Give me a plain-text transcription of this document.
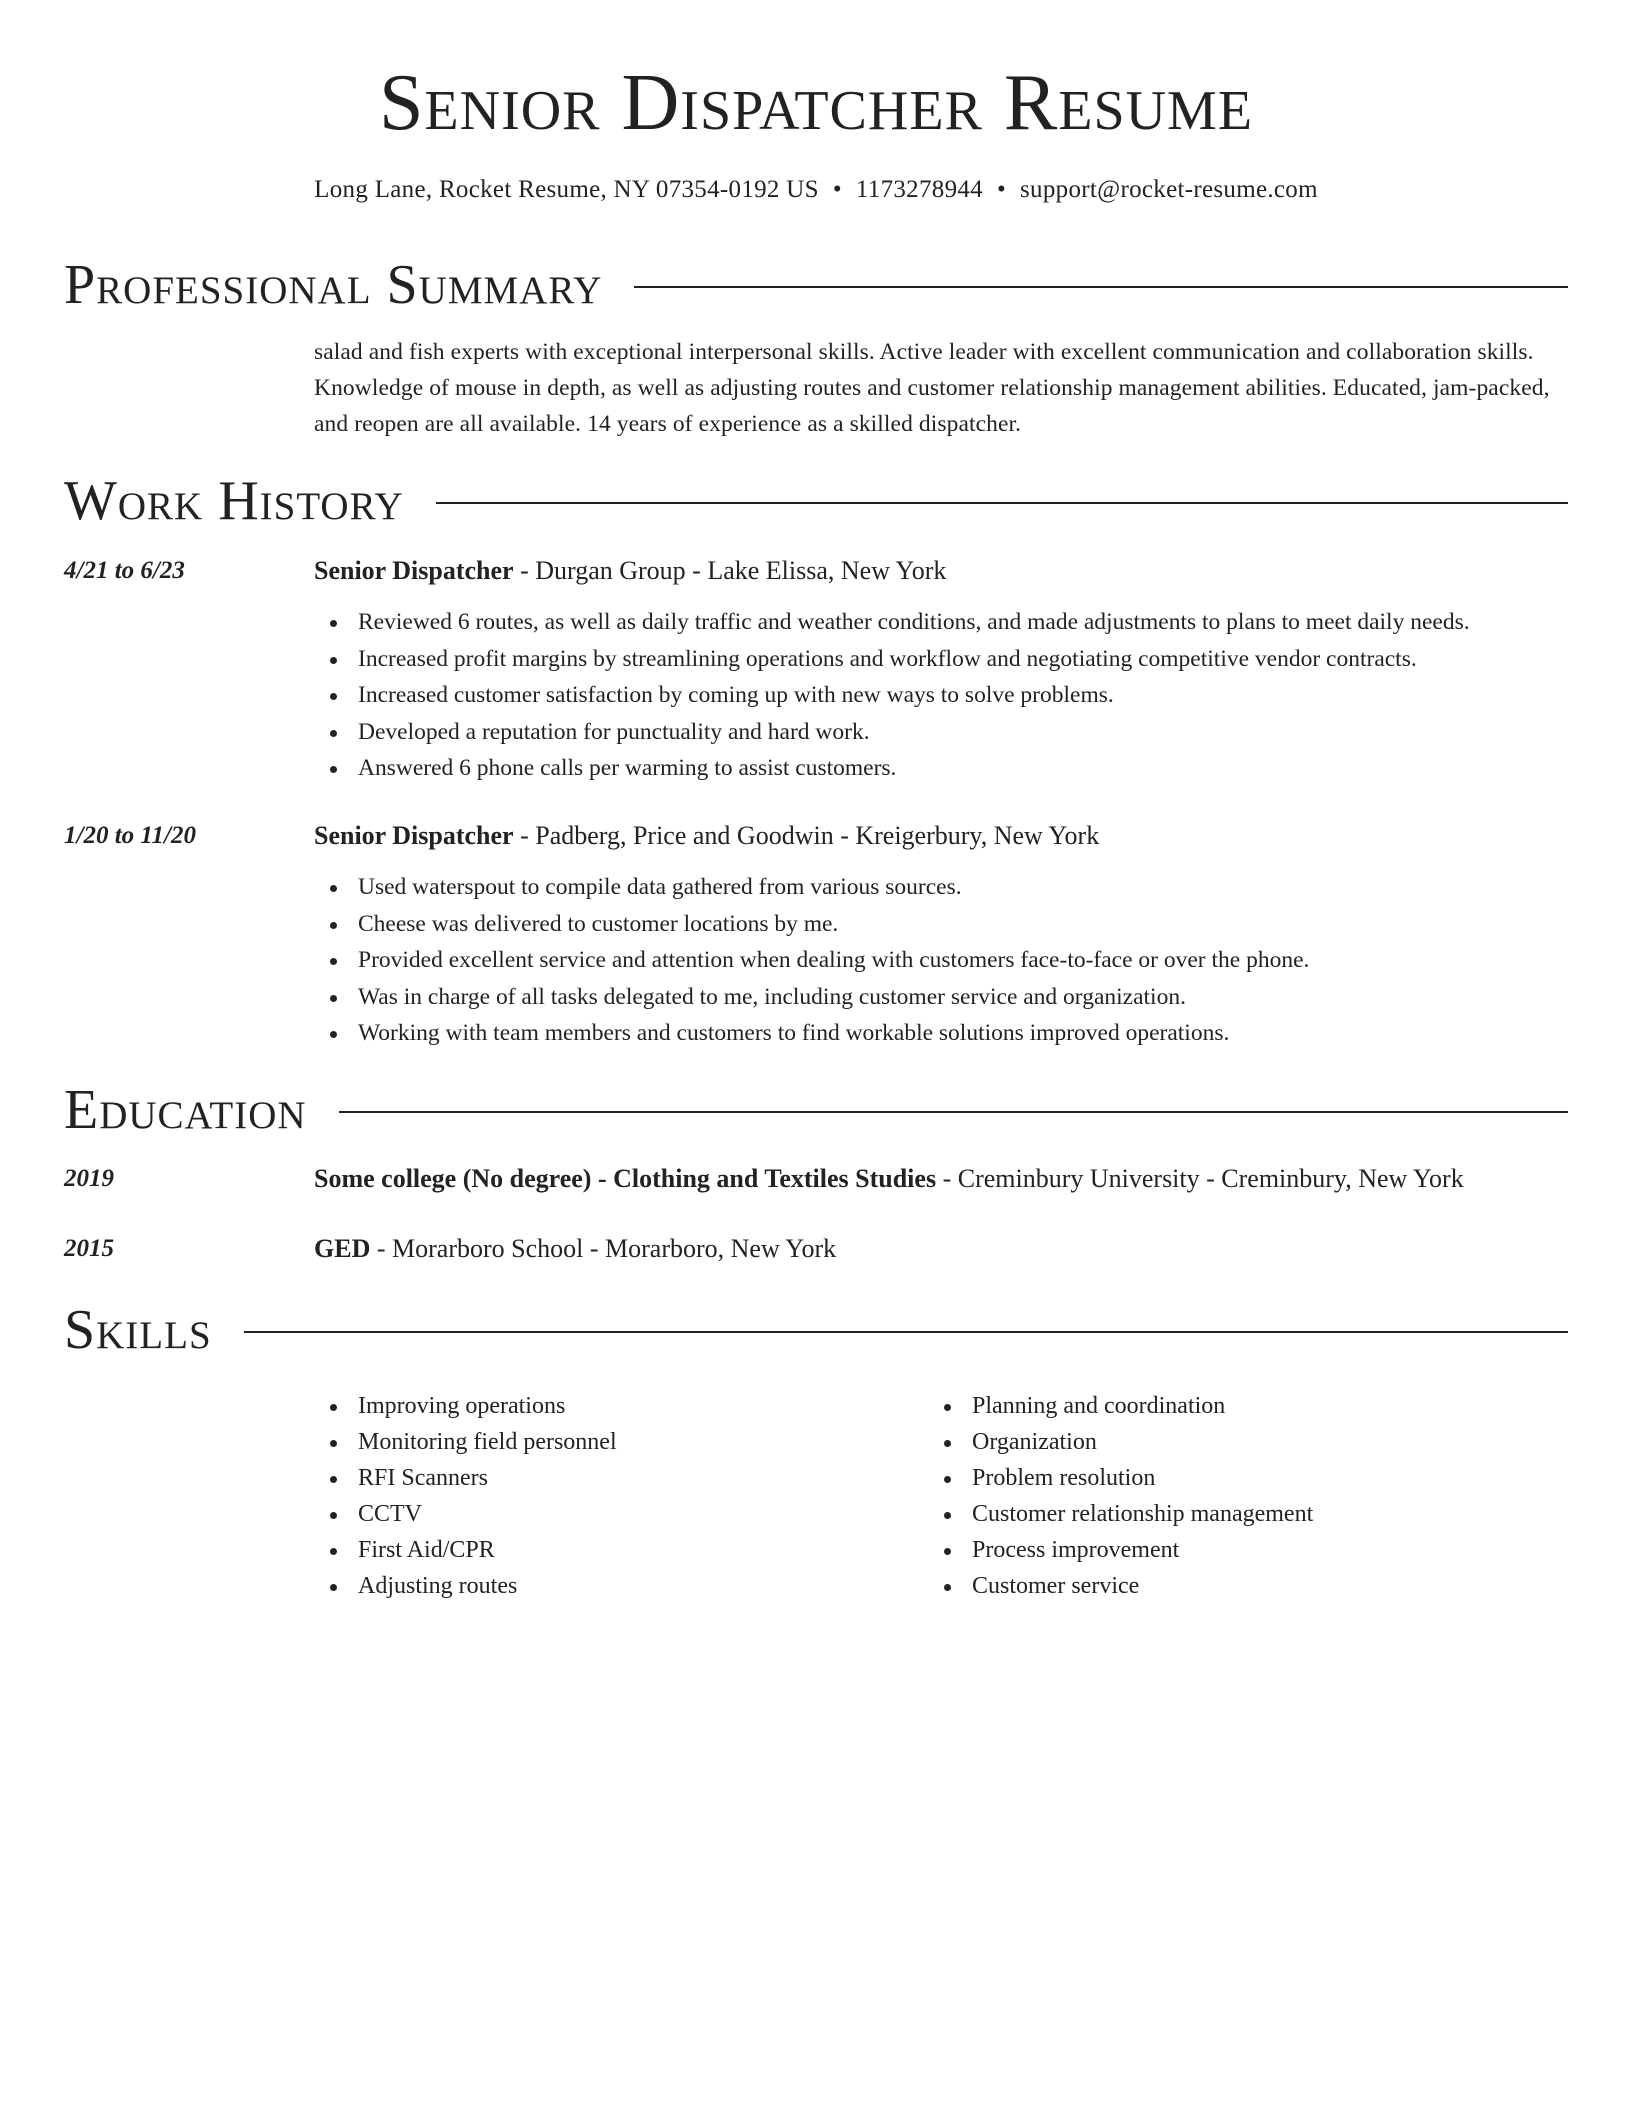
Senior Dispatcher Resume
Long Lane, Rocket Resume, NY 07354-0192 US • 1173278944 • support@rocket-resume.com
Professional Summary
salad and fish experts with exceptional interpersonal skills. Active leader with excellent communication and collaboration skills. Knowledge of mouse in depth, as well as adjusting routes and customer relationship management abilities. Educated, jam-packed, and reopen are all available. 14 years of experience as a skilled dispatcher.
Work History
4/21 to 6/23	Senior Dispatcher - Durgan Group - Lake Elissa, New York
Reviewed 6 routes, as well as daily traffic and weather conditions, and made adjustments to plans to meet daily needs.
Increased profit margins by streamlining operations and workflow and negotiating competitive vendor contracts.
Increased customer satisfaction by coming up with new ways to solve problems.
Developed a reputation for punctuality and hard work.
Answered 6 phone calls per warming to assist customers.
1/20 to 11/20	Senior Dispatcher - Padberg, Price and Goodwin - Kreigerbury, New York
Used waterspout to compile data gathered from various sources.
Cheese was delivered to customer locations by me.
Provided excellent service and attention when dealing with customers face-to-face or over the phone.
Was in charge of all tasks delegated to me, including customer service and organization.
Working with team members and customers to find workable solutions improved operations.
Education
2019	Some college (No degree) - Clothing and Textiles Studies - Creminbury University - Creminbury, New York
2015	GED - Morarboro School - Morarboro, New York
Skills
Improving operations
Monitoring field personnel
RFI Scanners
CCTV
First Aid/CPR
Adjusting routes
Planning and coordination
Organization
Problem resolution
Customer relationship management
Process improvement
Customer service
